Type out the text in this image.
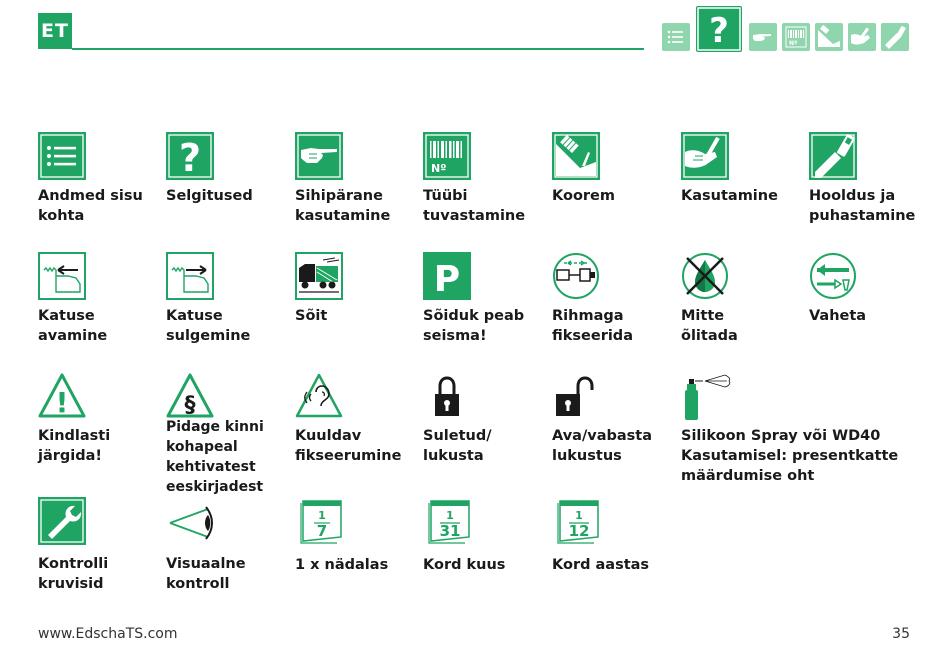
ET	?	Nº
Andmed sisu
kohta
?
Selgitused	Sihipärane
kasutamine
Nº
Tüübi
tuvastamine
Koorem	Kasutamine Hooldus ja
puhastamine
Katuse
avamine
Katuse
sulgemine
Sõit
P
Sõiduk peab
seisma!
Rihmaga
fikseerida
Mitte
õlitada
Vaheta
!
Kindlasti
järgida!
§
Pidage kinni
kohapeal
kehtivatest
eeskirjadest
Kuuldav
fikseerumine
Suletud/
lukusta
Ava/vabasta
lukustus
Silikoon Spray või WD40
Kasutamisel: presentkatte
määrdumise oht
Kontrolli
kruvisid
Visuaalne
kontroll
1
7
1 x nädalas
1
31
Kord kuus
1
12
Kord aastas
www.EdschaTS.com	35
